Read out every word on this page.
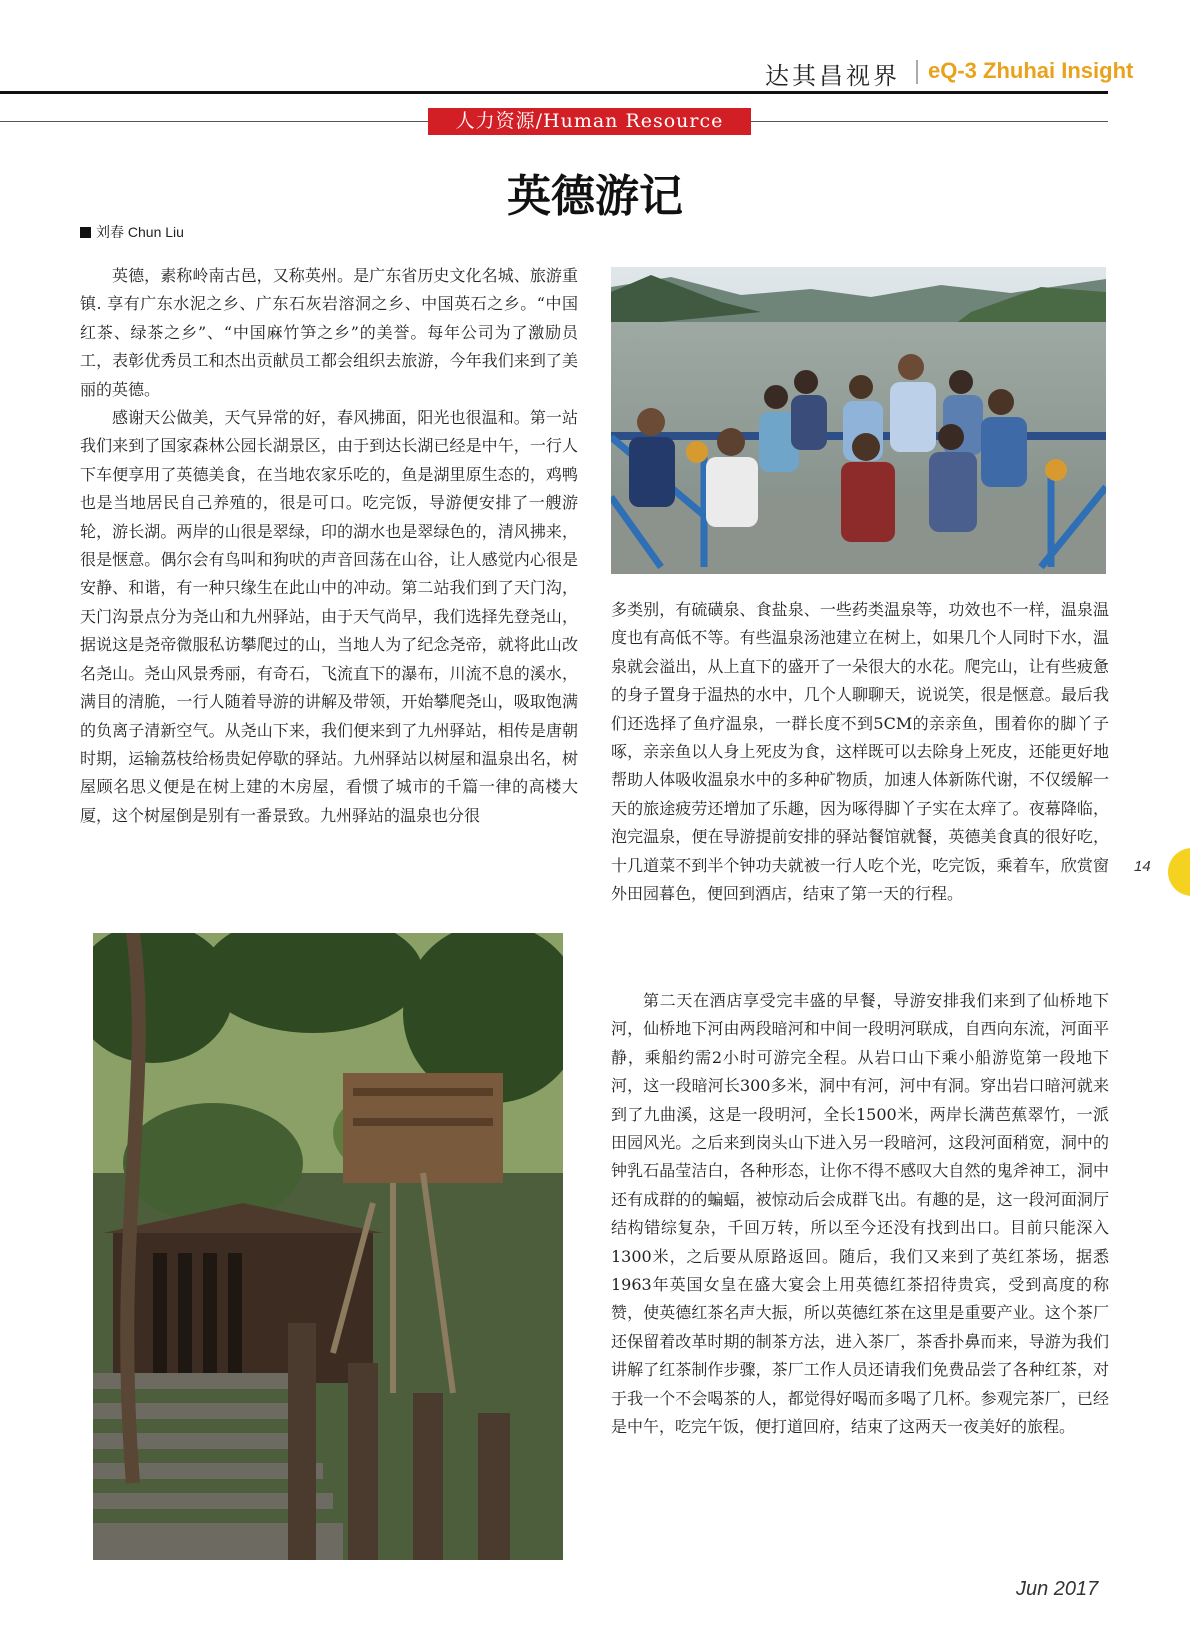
达其昌视界 eQ-3 Zhuhai Insight
人力资源/Human Resource
英德游记
刘春 Chun Liu

英德，素称岭南古邑，又称英州。是广东省历史文化名城、旅游重镇. 享有广东水泥之乡、广东石灰岩溶洞之乡、中国英石之乡。“中国红茶、绿茶之乡”、“中国麻竹笋之乡”的美誉。每年公司为了激励员工，表彰优秀员工和杰出贡献员工都会组织去旅游，今年我们来到了美丽的英德。

感谢天公做美，天气异常的好，春风拂面，阳光也很温和。第一站我们来到了国家森林公园长湖景区，由于到达长湖已经是中午，一行人下车便享用了英德美食，在当地农家乐吃的，鱼是湖里原生态的，鸡鸭也是当地居民自己养殖的，很是可口。吃完饭，导游便安排了一艘游轮，游长湖。两岸的山很是翠绿，印的湖水也是翠绿色的，清风拂来，很是惬意。偶尔会有鸟叫和狗吠的声音回荡在山谷，让人感觉内心很是安静、和谐，有一种只缘生在此山中的冲动。第二站我们到了天门沟，天门沟景点分为尧山和九州驿站，由于天气尚早，我们选择先登尧山，据说这是尧帝微服私访攀爬过的山，当地人为了纪念尧帝，就将此山改名尧山。尧山风景秀丽，有奇石，飞流直下的瀑布，川流不息的溪水，满目的清脆，一行人随着导游的讲解及带领，开始攀爬尧山，吸取饱满的负离子清新空气。从尧山下来，我们便来到了九州驿站，相传是唐朝时期，运输荔枝给杨贵妃停歇的驿站。九州驿站以树屋和温泉出名，树屋顾名思义便是在树上建的木房屋，看惯了城市的千篇一律的高楼大厦，这个树屋倒是别有一番景致。九州驿站的温泉也分很

多类别，有硫磺泉、食盐泉、一些药类温泉等，功效也不一样，温泉温度也有高低不等。有些温泉汤池建立在树上，如果几个人同时下水，温泉就会溢出，从上直下的盛开了一朵很大的水花。爬完山，让有些疲惫的身子置身于温热的水中，几个人聊聊天，说说笑，很是惬意。最后我们还选择了鱼疗温泉，一群长度不到5CM的亲亲鱼，围着你的脚丫子啄，亲亲鱼以人身上死皮为食，这样既可以去除身上死皮，还能更好地帮助人体吸收温泉水中的多种矿物质，加速人体新陈代谢，不仅缓解一天的旅途疲劳还增加了乐趣，因为啄得脚丫子实在太痒了。夜幕降临，泡完温泉，便在导游提前安排的驿站餐馆就餐，英德美食真的很好吃，十几道菜不到半个钟功夫就被一行人吃个光，吃完饭，乘着车，欣赏窗外田园暮色，便回到酒店，结束了第一天的行程。

第二天在酒店享受完丰盛的早餐，导游安排我们来到了仙桥地下河，仙桥地下河由两段暗河和中间一段明河联成，自西向东流，河面平静，乘船约需2小时可游完全程。从岩口山下乘小船游览第一段地下河，这一段暗河长300多米，洞中有河，河中有洞。穿出岩口暗河就来到了九曲溪，这是一段明河，全长1500米，两岸长满芭蕉翠竹，一派田园风光。之后来到岗头山下进入另一段暗河，这段河面稍宽，洞中的钟乳石晶莹洁白，各种形态，让你不得不感叹大自然的鬼斧神工，洞中还有成群的的蝙蝠，被惊动后会成群飞出。有趣的是，这一段河面洞厅结构错综复杂，千回万转，所以至今还没有找到出口。目前只能深入1300米，之后要从原路返回。随后，我们又来到了英红茶场，据悉1963年英国女皇在盛大宴会上用英德红茶招待贵宾，受到高度的称赞，使英德红茶名声大振，所以英德红茶在这里是重要产业。这个茶厂还保留着改革时期的制茶方法，进入茶厂，茶香扑鼻而来，导游为我们讲解了红茶制作步骤，茶厂工作人员还请我们免费品尝了各种红茶，对于我一个不会喝茶的人，都觉得好喝而多喝了几杯。参观完茶厂，已经是中午，吃完午饭，便打道回府，结束了这两天一夜美好的旅程。

14
Jun 2017
